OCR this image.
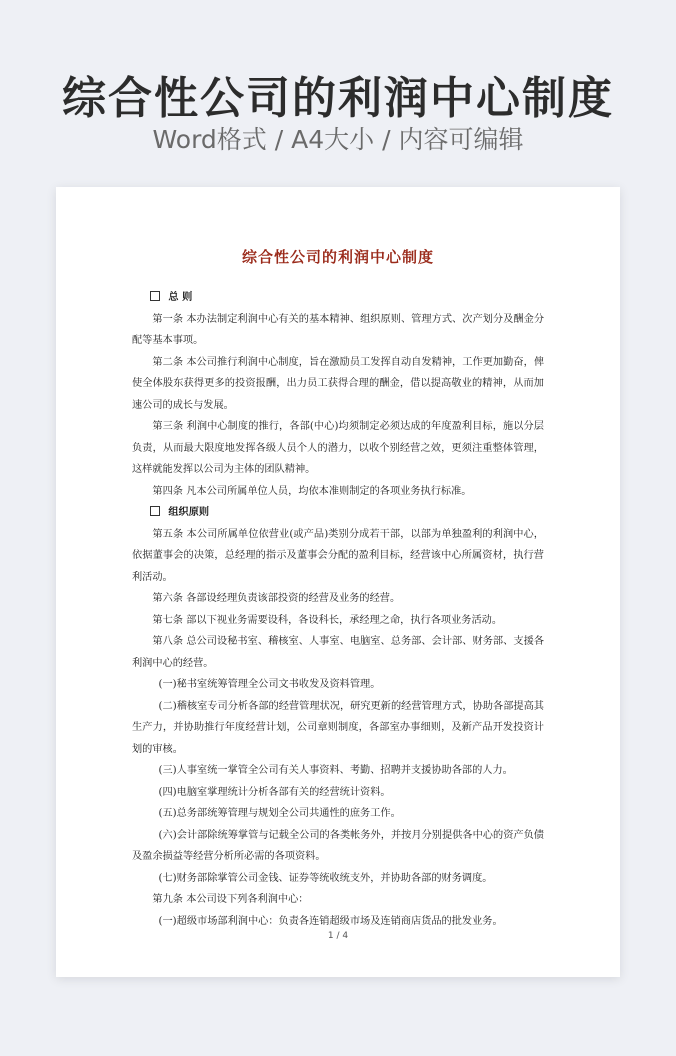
综合性公司的利润中心制度
Word格式 / A4大小 / 内容可编辑
综合性公司的利润中心制度

总 则

第一条 本办法制定利润中心有关的基本精神、组织原则、管理方式、次产划分及酬金分配等基本事项。

第二条 本公司推行利润中心制度，旨在激励员工发挥自动自发精神，工作更加勤奋，俾使全体股东获得更多的投资报酬，出力员工获得合理的酬金，借以提高敬业的精神，从而加速公司的成长与发展。

第三条 利润中心制度的推行，各部(中心)均须制定必须达成的年度盈利目标，施以分层负责，从而最大限度地发挥各级人员个人的潜力，以收个别经营之效，更须注重整体管理，这样就能发挥以公司为主体的团队精神。

第四条 凡本公司所属单位人员，均依本准则制定的各项业务执行标准。

组织原则

第五条 本公司所属单位依营业(或产品)类别分成若干部，以部为单独盈利的利润中心，依据董事会的决策，总经理的指示及董事会分配的盈利目标，经营该中心所属资材，执行营利活动。

第六条 各部设经理负责该部投资的经营及业务的经营。

第七条 部以下视业务需要设科，各设科长，承经理之命，执行各项业务活动。

第八条 总公司设秘书室、稽核室、人事室、电脑室、总务部、会计部、财务部、支援各利润中心的经营。

(一)秘书室统筹管理全公司文书收发及资料管理。

(二)稽核室专司分析各部的经营管理状况，研究更新的经营管理方式，协助各部提高其生产力，并协助推行年度经营计划，公司章则制度，各部室办事细则，及新产品开发投资计划的审核。

(三)人事室统一掌管全公司有关人事资料、考勤、招聘并支援协助各部的人力。

(四)电脑室掌理统计分析各部有关的经营统计资料。

(五)总务部统筹管理与规划全公司共通性的庶务工作。

(六)会计部除统筹掌管与记载全公司的各类帐务外，并按月分别提供各中心的资产负债及盈余损益等经营分析所必需的各项资料。

(七)财务部除掌管公司金钱、证券等统收统支外，并协助各部的财务调度。

第九条 本公司设下列各利润中心：

(一)超级市场部利润中心：负责各连销超级市场及连销商店货品的批发业务。

1 / 4
